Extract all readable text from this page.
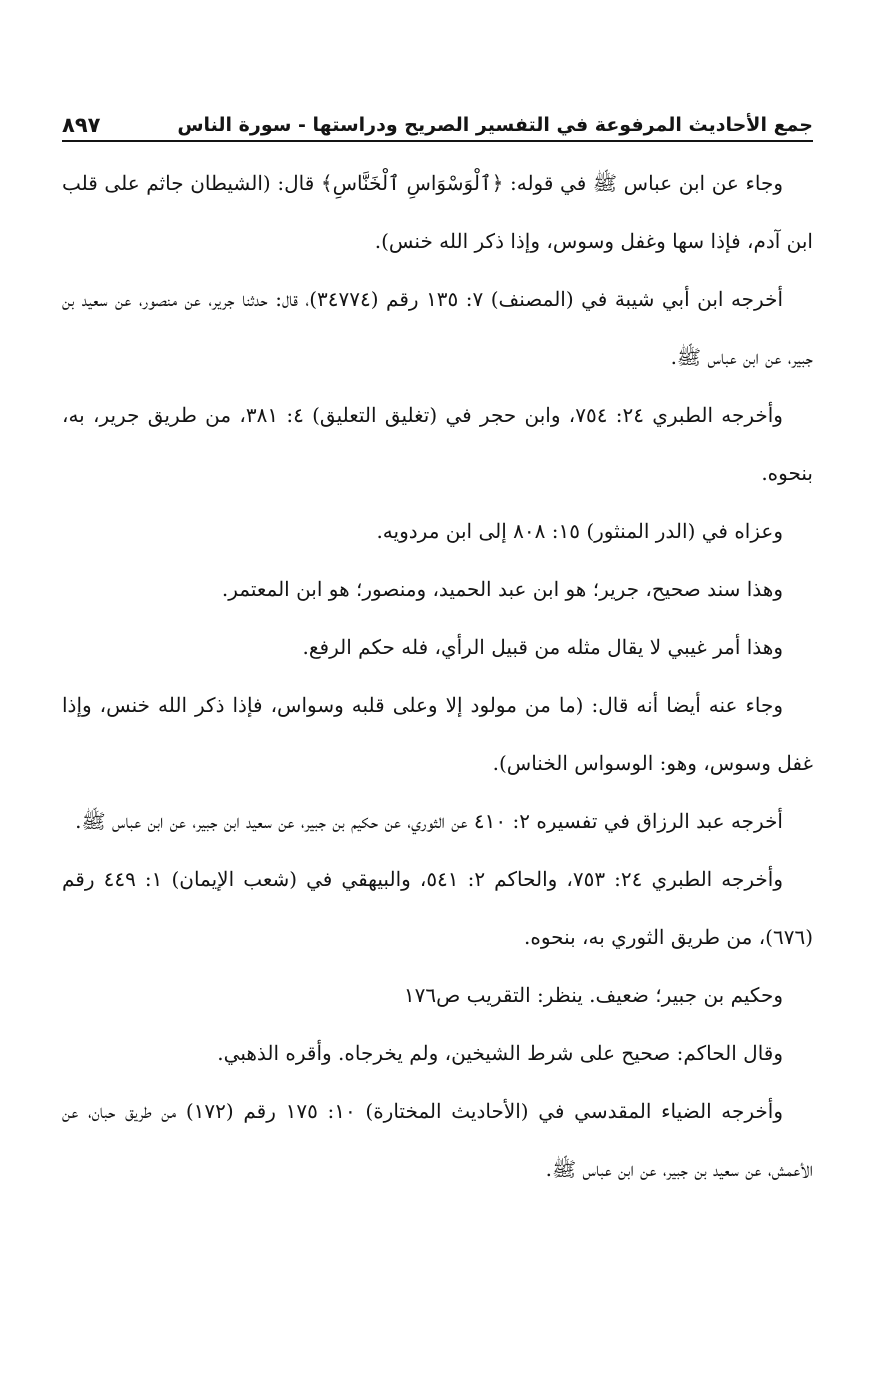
جمع الأحاديث المرفوعة في التفسير الصريح ودراستها - سورة الناس
٨٩٧

وجاء عن ابن عباس ﷺ في قوله: ﴿ٱلْوَسْوَاسِ ٱلْخَنَّاسِ﴾ قال: (الشيطان جاثم على قلب ابن آدم، فإذا سها وغفل وسوس، وإذا ذكر الله خنس).

أخرجه ابن أبي شيبة في (المصنف) ٧: ١٣٥ رقم (٣٤٧٧٤)، قال: حدثنا جرير، عن منصور، عن سعيد بن جبير، عن ابن عباس ﷺ.

وأخرجه الطبري ٢٤: ٧٥٤، وابن حجر في (تغليق التعليق) ٤: ٣٨١، من طريق جرير، به، بنحوه.

وعزاه في (الدر المنثور) ١٥: ٨٠٨ إلى ابن مردويه.

وهذا سند صحيح، جرير؛ هو ابن عبد الحميد، ومنصور؛ هو ابن المعتمر.

وهذا أمر غيبي لا يقال مثله من قبيل الرأي، فله حكم الرفع.

وجاء عنه أيضا أنه قال: (ما من مولود إلا وعلى قلبه وسواس، فإذا ذكر الله خنس، وإذا غفل وسوس، وهو: الوسواس الخناس).

أخرجه عبد الرزاق في تفسيره ٢: ٤١٠ عن الثوري، عن حكيم بن جبير، عن سعيد ابن جبير، عن ابن عباس ﷺ.

وأخرجه الطبري ٢٤: ٧٥٣، والحاكم ٢: ٥٤١، والبيهقي في (شعب الإيمان) ١: ٤٤٩ رقم (٦٧٦)، من طريق الثوري به، بنحوه.

وحكيم بن جبير؛ ضعيف. ينظر: التقريب ص١٧٦

وقال الحاكم: صحيح على شرط الشيخين، ولم يخرجاه. وأقره الذهبي.

وأخرجه الضياء المقدسي في (الأحاديث المختارة) ١٠: ١٧٥ رقم (١٧٢) من طريق حبان، عن الأعمش، عن سعيد بن جبير، عن ابن عباس ﷺ.
